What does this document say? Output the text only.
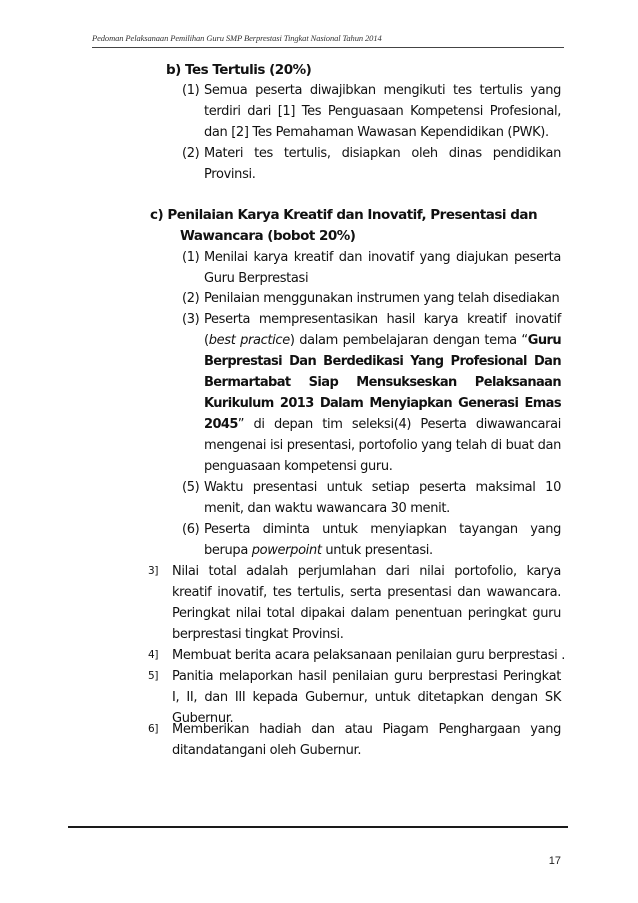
Pedoman Pelaksanaan Pemilihan Guru SMP Berprestasi Tingkat Nasional Tahun 2014
b) Tes Tertulis (20%)
(1) Semua peserta diwajibkan mengikuti tes tertulis yang terdiri dari [1] Tes Penguasaan Kompetensi Profesional, dan [2] Tes Pemahaman Wawasan Kependidikan (PWK).
(2) Materi tes tertulis, disiapkan oleh dinas pendidikan Provinsi.
c) Penilaian Karya Kreatif dan Inovatif, Presentasi dan
Wawancara (bobot 20%)
(1) Menilai karya kreatif dan inovatif yang diajukan peserta Guru Berprestasi
(2) Penilaian menggunakan instrumen yang telah disediakan
(3) Peserta mempresentasikan hasil karya kreatif inovatif (best practice) dalam pembelajaran dengan tema “Guru Berprestasi Dan Berdedikasi Yang Profesional Dan Bermartabat Siap Mensukseskan Pelaksanaan Kurikulum 2013 Dalam Menyiapkan Generasi Emas 2045” di depan tim seleksi(4) Peserta diwawancarai mengenai isi presentasi, portofolio yang telah di buat dan penguasaan kompetensi guru.
(5) Waktu presentasi untuk setiap peserta maksimal 10 menit, dan waktu wawancara 30 menit.
(6) Peserta diminta untuk menyiapkan tayangan yang berupa powerpoint untuk presentasi.
3] Nilai total adalah perjumlahan dari nilai portofolio, karya kreatif inovatif, tes tertulis, serta presentasi dan wawancara. Peringkat nilai total dipakai dalam penentuan peringkat guru berprestasi tingkat Provinsi.
4] Membuat berita acara pelaksanaan penilaian guru berprestasi .
5] Panitia melaporkan hasil penilaian guru berprestasi Peringkat I, II, dan III kepada Gubernur, untuk ditetapkan dengan SK Gubernur.
6] Memberikan hadiah dan atau Piagam Penghargaan yang ditandatangani oleh Gubernur.
17
